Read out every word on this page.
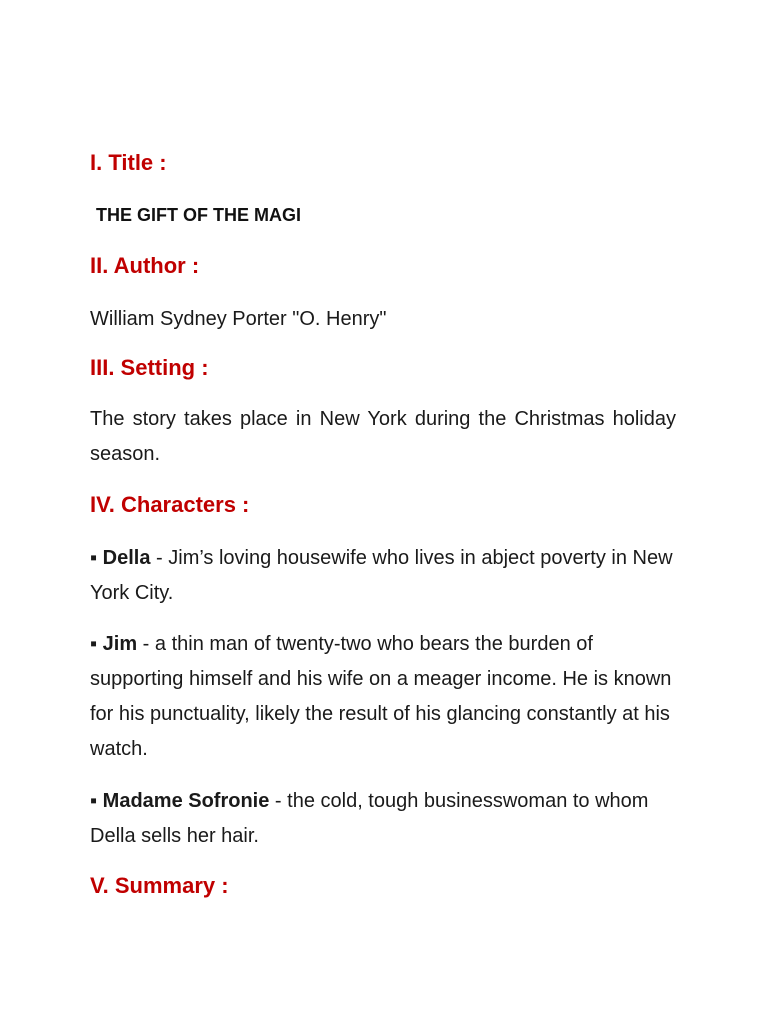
I. Title :

THE GIFT OF THE MAGI

II. Author :

William Sydney Porter "O. Henry"

III. Setting :

The story takes place in New York during the Christmas holiday season.

IV. Characters :

▪ Della - Jim’s loving housewife who lives in abject poverty in New York City.

▪ Jim - a thin man of twenty-two who bears the burden of supporting himself and his wife on a meager income. He is known for his punctuality, likely the result of his glancing constantly at his watch.

▪ Madame Sofronie - the cold, tough businesswoman to whom Della sells her hair.

V. Summary :
